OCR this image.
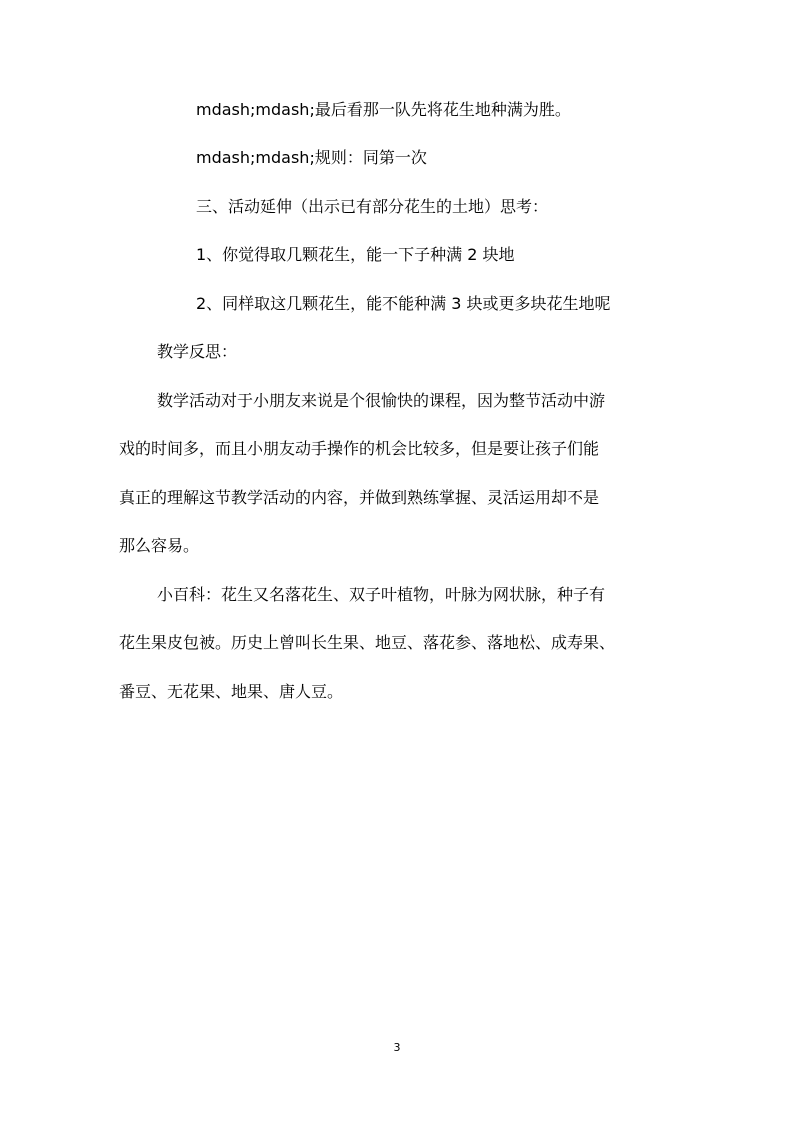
mdash;mdash;最后看那一队先将花生地种满为胜。
mdash;mdash;规则：同第一次
三、活动延伸（出示已有部分花生的土地）思考：
1、你觉得取几颗花生，能一下子种满 2 块地
2、同样取这几颗花生，能不能种满 3 块或更多块花生地呢
教学反思：
数学活动对于小朋友来说是个很愉快的课程，因为整节活动中游
戏的时间多，而且小朋友动手操作的机会比较多，但是要让孩子们能
真正的理解这节教学活动的内容，并做到熟练掌握、灵活运用却不是
那么容易。
小百科：花生又名落花生、双子叶植物，叶脉为网状脉，种子有
花生果皮包被。历史上曾叫长生果、地豆、落花参、落地松、成寿果、
番豆、无花果、地果、唐人豆。
3
